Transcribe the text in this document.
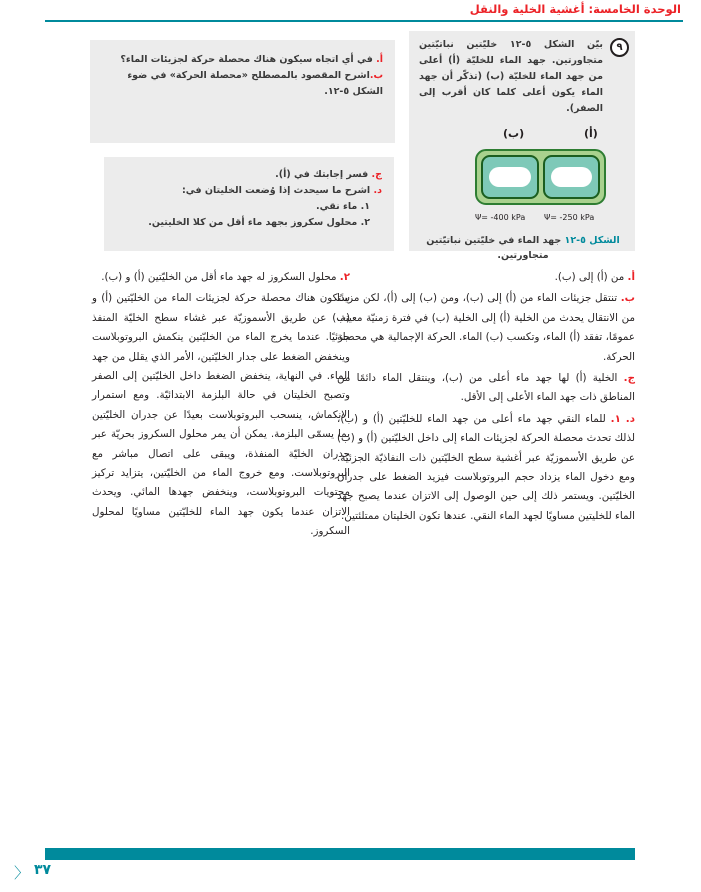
الوحدة الخامسة: أغشية الخلية والنقل
٩
بيّن الشكل ٥-١٢ خليّتين نباتيّتين متجاورتين. جهد الماء للخليّة (أ) أعلى من جهد الماء للخليّة (ب) (تذكّر أن جهد الماء يكون أعلى كلما كان أقرب إلى الصفر).
(ب)	(أ)
Ψ= -400 kPa Ψ= -250 kPa
الشكل ٥-١٢ جهد الماء في خليّتين نباتيّتين متجاورتين.
أ. في أي اتجاه سيكون هناك محصلة حركة لجزيئات الماء؟
ب.اشرح المقصود بالمصطلح «محصلة الحركة» في ضوء الشكل ٥-١٢.
ج. فسر إجابتك في (أ).
د. اشرح ما سيحدث إذا وُضعت الخليتان في:
١. ماء نقي.
٢. محلول سكروز بجهد ماء أقل من كلا الخليتين.
أ. من (أ) إلى (ب).
ب. تنتقل جزيئات الماء من (أ) إلى (ب)، ومن (ب) إلى (أ)، لكن مزيدًا من الانتقال يحدث من الخلية (أ) إلى الخلية (ب) في فترة زمنيّة معينة. عمومًا، تفقد (أ) الماء، وتكسب (ب) الماء. الحركة الإجمالية هي محصلة الحركة.
ج. الخلية (أ) لها جهد ماء أعلى من (ب)، وينتقل الماء دائمًا من المناطق ذات جهد الماء الأعلى إلى الأقل.
د. ١. للماء النقي جهد ماء أعلى من جهد الماء للخليّتين (أ) و (ب)، لذلك تحدث محصلة الحركة لجزيئات الماء إلى داخل الخليّتين (أ) و (ب) عن طريق الأسموزيّة عبر أغشية سطح الخليّتين ذات النفاذيّة الجزئيّة. ومع دخول الماء يزداد حجم البروتوبلاست فيزيد الضغط على جدران الخليّتين. ويستمر ذلك إلى حين الوصول إلى الاتزان عندما يصبح جهد الماء للخليتين مساويًا لجهد الماء النقي. عندها تكون الخليتان ممتلئتين.
٢. محلول السكروز له جهد ماء أقل من الخليّتين (أ) و (ب).
ستكون هناك محصلة حركة لجزيئات الماء من الخليّتين (أ) و (ب) عن طريق الأسموزيّة عبر غشاء سطح الخليّة المنفذ جزئيًا. عندما يخرج الماء من الخليّتين ينكمش البروتوبلاست وينخفض الضغط على جدار الخليّتين، الأمر الذي يقلل من جهد الماء. في النهاية، ينخفض الضغط داخل الخليّتين إلى الصفر وتصبح الخليتان في حالة البلزمة الابتدائيّة. ومع استمرار الانكماش، ينسحب البروتوبلاست بعيدًا عن جدران الخليّتين بما يسمّى البلزمة. يمكن أن يمر محلول السكروز بحريّة عبر جدران الخليّة المنفذة، ويبقى على اتصال مباشر مع البروتوبلاست. ومع خروج الماء من الخليّتين، يتزايد تركيز محتويات البروتوبلاست، وينخفض جهدها المائي. ويحدث الاتزان عندما يكون جهد الماء للخليّتين مساويًا لمحلول السكروز.
〈 ٣٧
